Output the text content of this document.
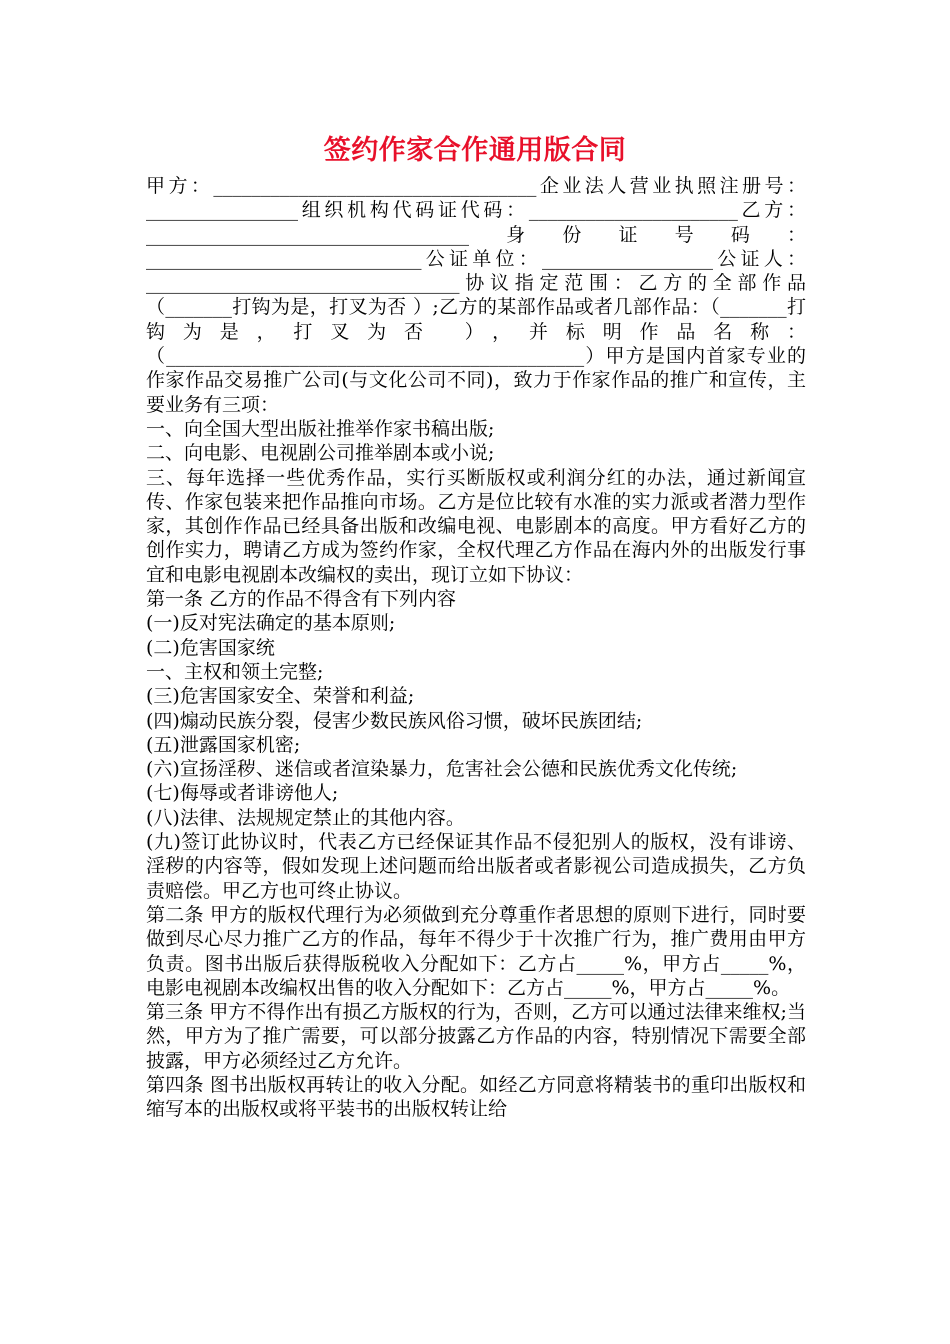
签约作家合作通用版合同

甲方：__________________________________企业法人营业执照注册号：________________组织机构代码证代码：______________________乙方：__________________________________身份证号码：_____________________________公证单位：__________________公证人：_________________________________协议指定范围：乙方的全部作品 （_______打钩为是，打叉为否 ）;乙方的某部作品或者几部作品：（_______打钩为是，打叉为否 ），并标明作品名称：（____________________________________________）甲方是国内首家专业的作家作品交易推广公司(与文化公司不同)，致力于作家作品的推广和宣传，主要业务有三项：

一、向全国大型出版社推举作家书稿出版;

二、向电影、电视剧公司推举剧本或小说;

三、每年选择一些优秀作品，实行买断版权或利润分红的办法，通过新闻宣传、作家包装来把作品推向市场。乙方是位比较有水准的实力派或者潜力型作家，其创作作品已经具备出版和改编电视、电影剧本的高度。甲方看好乙方的创作实力，聘请乙方成为签约作家，全权代理乙方作品在海内外的出版发行事宜和电影电视剧本改编权的卖出，现订立如下协议：

第一条 乙方的作品不得含有下列内容

(一)反对宪法确定的基本原则;

(二)危害国家统

一、主权和领土完整;

(三)危害国家安全、荣誉和利益;

(四)煽动民族分裂，侵害少数民族风俗习惯，破坏民族团结;

(五)泄露国家机密;

(六)宣扬淫秽、迷信或者渲染暴力，危害社会公德和民族优秀文化传统;

(七)侮辱或者诽谤他人;

(八)法律、法规规定禁止的其他内容。

(九)签订此协议时，代表乙方已经保证其作品不侵犯别人的版权，没有诽谤、淫秽的内容等，假如发现上述问题而给出版者或者影视公司造成损失，乙方负责赔偿。甲乙方也可终止协议。

第二条 甲方的版权代理行为必须做到充分尊重作者思想的原则下进行，同时要做到尽心尽力推广乙方的作品，每年不得少于十次推广行为，推广费用由甲方负责。图书出版后获得版税收入分配如下：乙方占_____%，甲方占_____%，电影电视剧本改编权出售的收入分配如下：乙方占_____%，甲方占_____%。

第三条 甲方不得作出有损乙方版权的行为，否则，乙方可以通过法律来维权;当然，甲方为了推广需要，可以部分披露乙方作品的内容，特别情况下需要全部披露，甲方必须经过乙方允许。

第四条 图书出版权再转让的收入分配。如经乙方同意将精装书的重印出版权和缩写本的出版权或将平装书的出版权转让给
